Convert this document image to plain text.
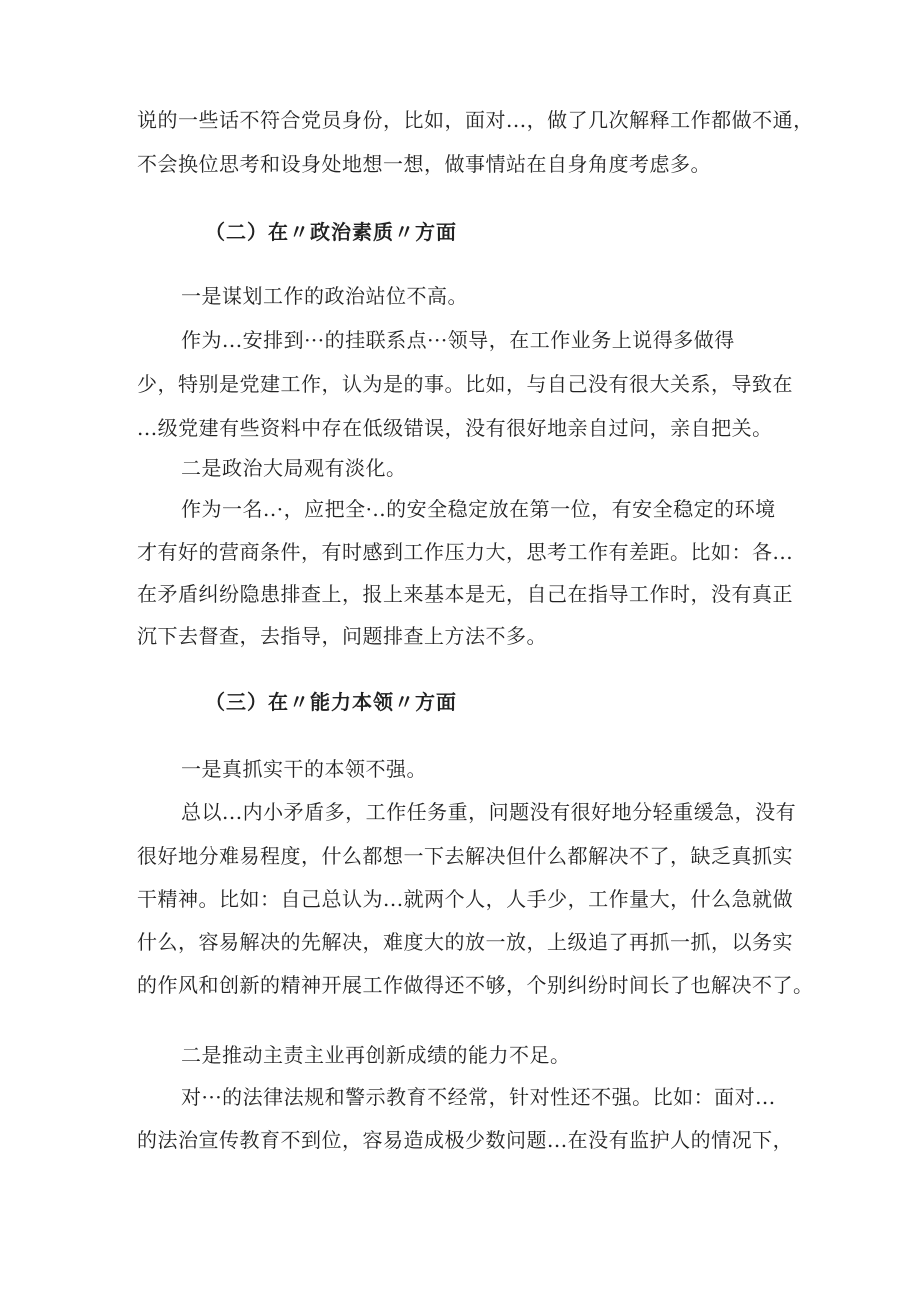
说的一些话不符合党员身份，比如，面对...，做了几次解释工作都做不通，
不会换位思考和设身处地想一想，做事情站在自身角度考虑多。
（二）在〃政治素质〃方面
一是谋划工作的政治站位不高。
作为...安排到···的挂联系点···领导，在工作业务上说得多做得
少，特别是党建工作，认为是的事。比如，与自己没有很大关系，导致在
...级党建有些资料中存在低级错误，没有很好地亲自过问，亲自把关。
二是政治大局观有淡化。
作为一名..·，应把全·..的安全稳定放在第一位，有安全稳定的环境
才有好的营商条件，有时感到工作压力大，思考工作有差距。比如：各...
在矛盾纠纷隐患排查上，报上来基本是无，自己在指导工作时，没有真正
沉下去督查，去指导，问题排查上方法不多。
（三）在〃能力本领〃方面
一是真抓实干的本领不强。
总以...内小矛盾多，工作任务重，问题没有很好地分轻重缓急，没有
很好地分难易程度，什么都想一下去解决但什么都解决不了，缺乏真抓实
干精神。比如：自己总认为...就两个人，人手少，工作量大，什么急就做
什么，容易解决的先解决，难度大的放一放，上级追了再抓一抓，以务实
的作风和创新的精神开展工作做得还不够，个别纠纷时间长了也解决不了。
二是推动主责主业再创新成绩的能力不足。
对···的法律法规和警示教育不经常，针对性还不强。比如：面对...
的法治宣传教育不到位，容易造成极少数问题...在没有监护人的情况下，
